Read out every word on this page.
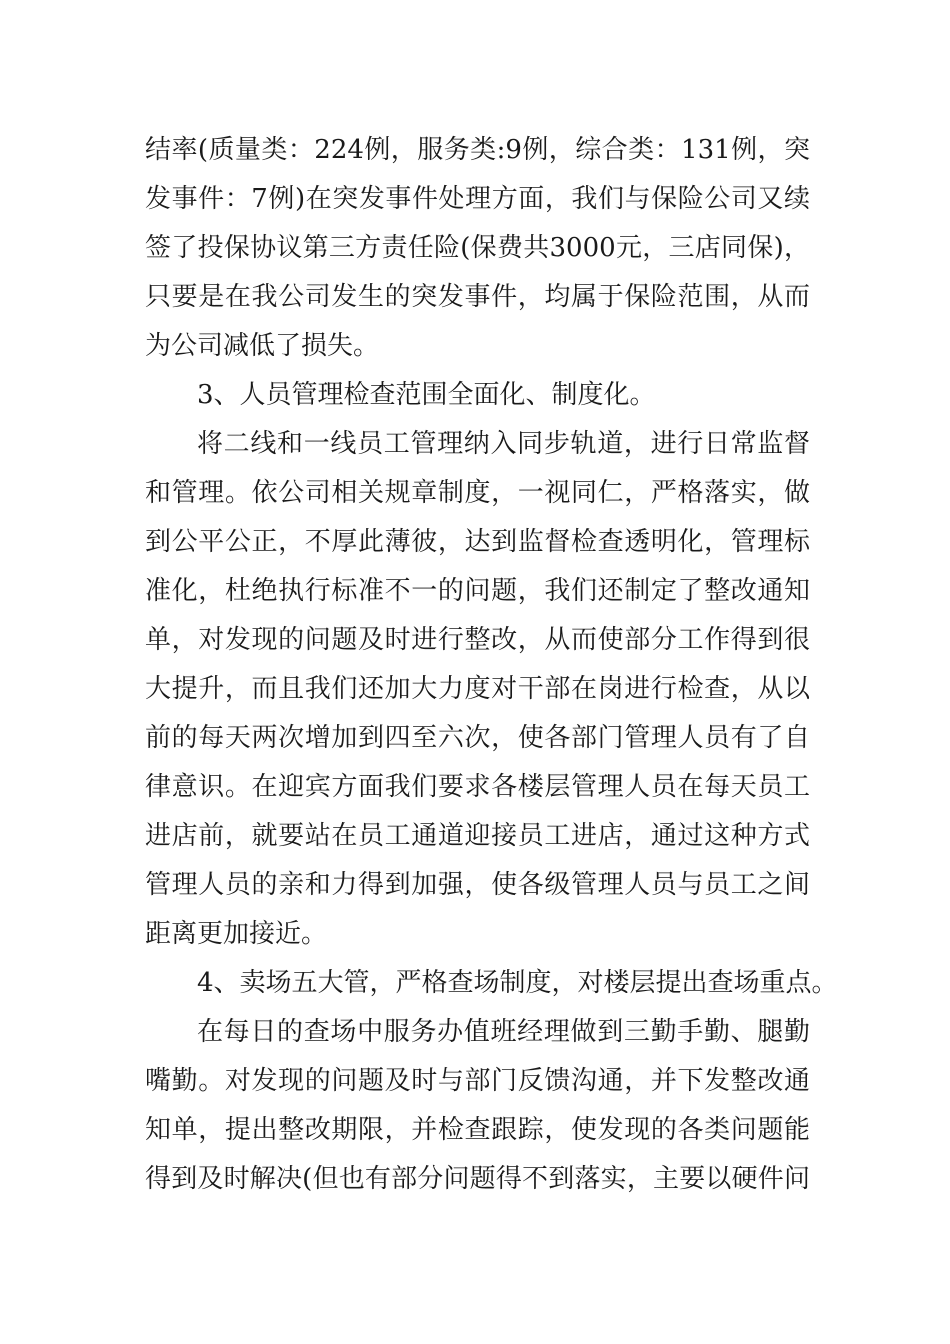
结率(质量类：224例，服务类:9例，综合类：131例，突
发事件：7例)在突发事件处理方面，我们与保险公司又续
签了投保协议第三方责任险(保费共3000元，三店同保)，
只要是在我公司发生的突发事件，均属于保险范围，从而
为公司减低了损失。
3、人员管理检查范围全面化、制度化。
将二线和一线员工管理纳入同步轨道，进行日常监督
和管理。依公司相关规章制度，一视同仁，严格落实，做
到公平公正，不厚此薄彼，达到监督检查透明化，管理标
准化，杜绝执行标准不一的问题，我们还制定了整改通知
单，对发现的问题及时进行整改，从而使部分工作得到很
大提升，而且我们还加大力度对干部在岗进行检查，从以
前的每天两次增加到四至六次，使各部门管理人员有了自
律意识。在迎宾方面我们要求各楼层管理人员在每天员工
进店前，就要站在员工通道迎接员工进店，通过这种方式
管理人员的亲和力得到加强，使各级管理人员与员工之间
距离更加接近。
4、卖场五大管，严格查场制度，对楼层提出查场重点。
在每日的查场中服务办值班经理做到三勤手勤、腿勤
嘴勤。对发现的问题及时与部门反馈沟通，并下发整改通
知单，提出整改期限，并检查跟踪，使发现的各类问题能
得到及时解决(但也有部分问题得不到落实，主要以硬件问
